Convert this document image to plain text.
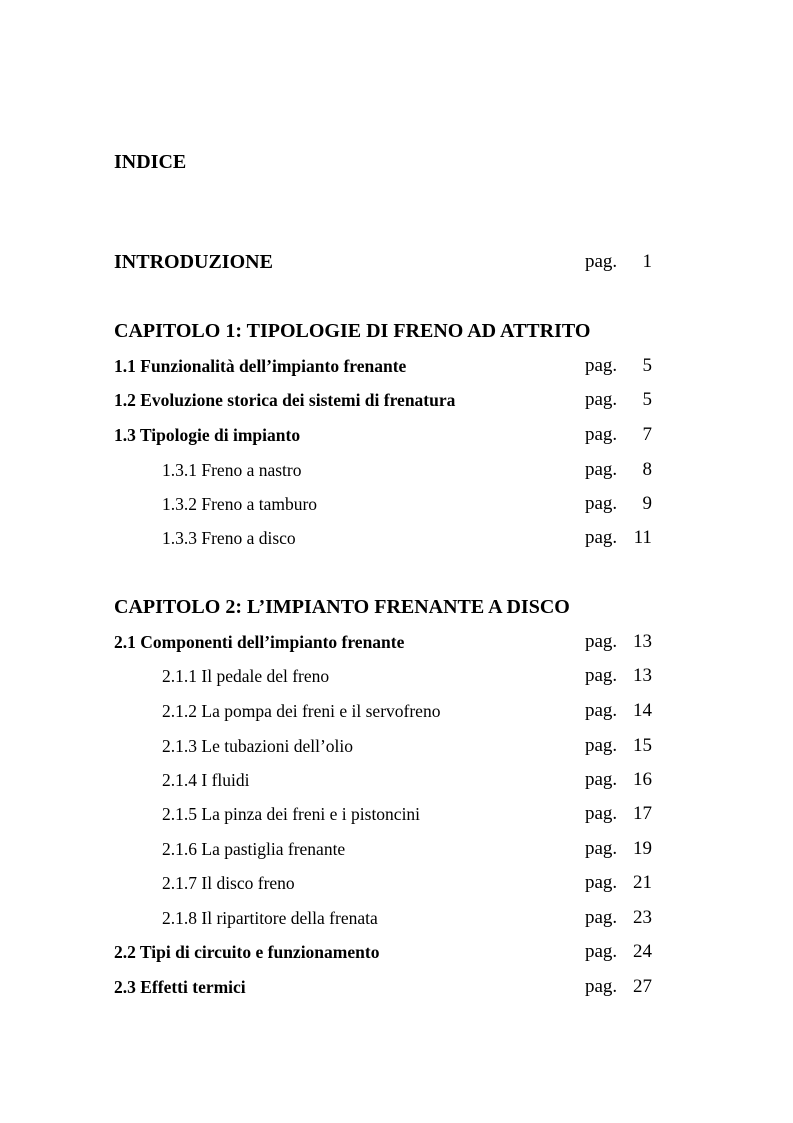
INDICE
INTRODUZIONE	pag. 1
CAPITOLO 1: TIPOLOGIE DI FRENO AD ATTRITO
1.1 Funzionalità dell’impianto frenante	pag. 5
1.2 Evoluzione storica dei sistemi di frenatura	pag. 5
1.3 Tipologie di impianto	pag. 7
1.3.1 Freno a nastro	pag. 8
1.3.2 Freno a tamburo	pag. 9
1.3.3 Freno a disco	pag. 11
CAPITOLO 2: L’IMPIANTO FRENANTE A DISCO
2.1 Componenti dell’impianto frenante	pag. 13
2.1.1 Il pedale del freno	pag. 13
2.1.2 La pompa dei freni e il servofreno	pag. 14
2.1.3 Le tubazioni dell’olio	pag. 15
2.1.4 I fluidi	pag. 16
2.1.5 La pinza dei freni e i pistoncini	pag. 17
2.1.6 La pastiglia frenante	pag. 19
2.1.7 Il disco freno	pag. 21
2.1.8 Il ripartitore della frenata	pag. 23
2.2 Tipi di circuito e funzionamento	pag. 24
2.3 Effetti termici	pag. 27
